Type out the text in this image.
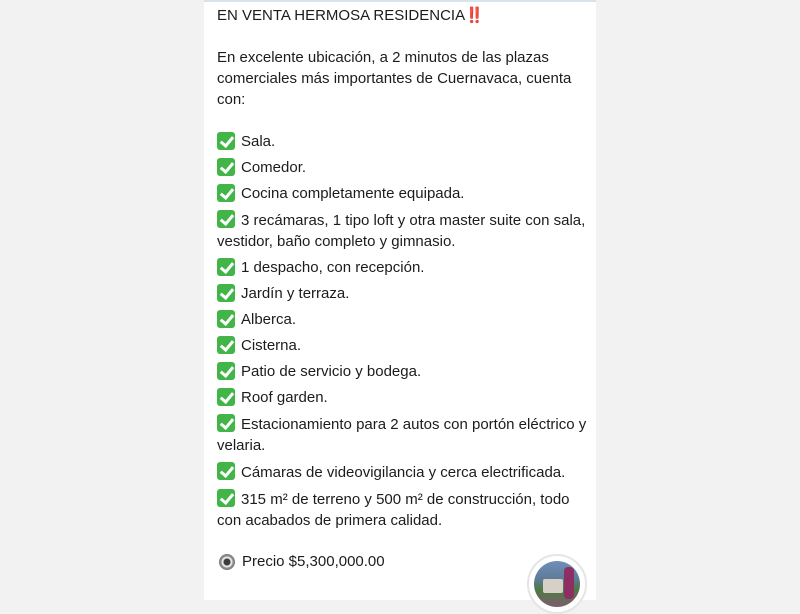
EN VENTA HERMOSA RESIDENCIA‼️
En excelente ubicación, a 2 minutos de las plazas comerciales más importantes de Cuernavaca, cuenta con:
Sala.
Comedor.
Cocina completamente equipada.
3 recámaras, 1 tipo loft y otra master suite con sala, vestidor, baño completo y gimnasio.
1 despacho, con recepción.
Jardín y terraza.
Alberca.
Cisterna.
Patio de servicio y bodega.
Roof garden.
Estacionamiento para 2 autos con portón eléctrico y velaria.
Cámaras de videovigilancia y cerca electrificada.
315 m² de terreno y 500 m² de construcción, todo con acabados de primera calidad.
Precio $5,300,000.00
